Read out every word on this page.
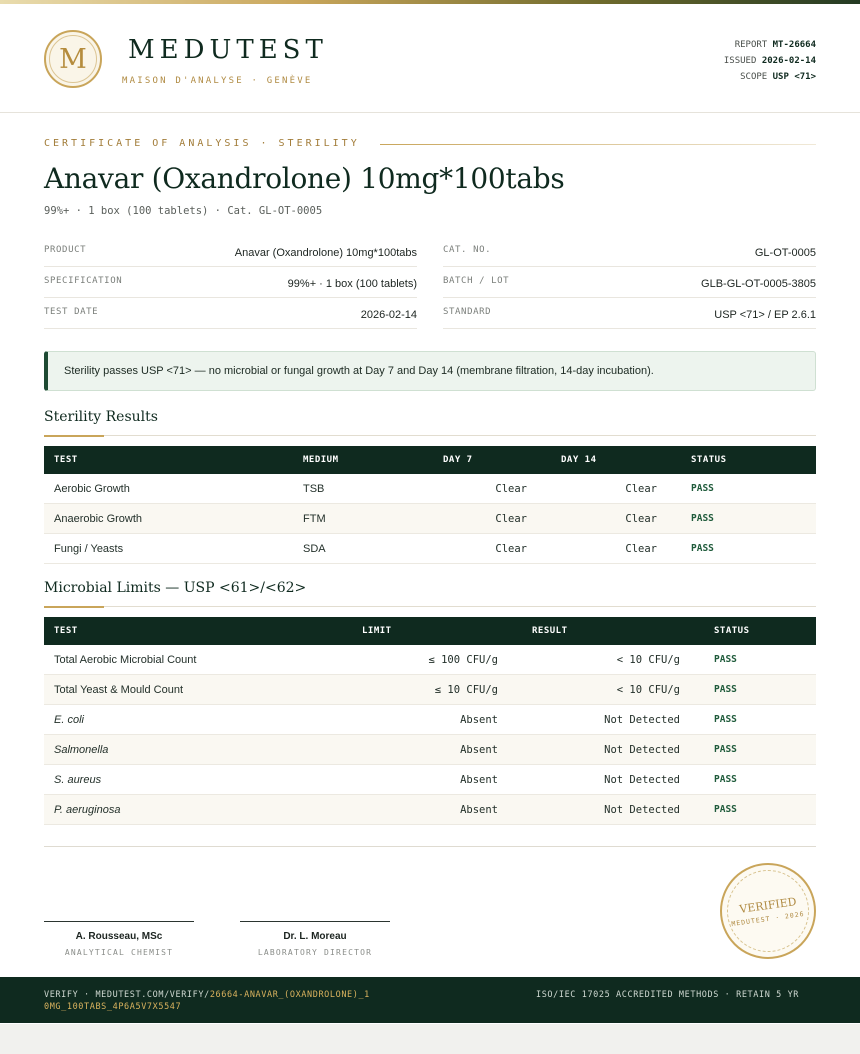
M	MEDUTEST
MAISON D'ANALYSE · GENÈVE
REPORT MT-26664
ISSUED 2026-02-14
SCOPE USP <71>
CERTIFICATE OF ANALYSIS · STERILITY
Anavar (Oxandrolone) 10mg*100tabs
99%+ · 1 box (100 tablets) · Cat. GL-OT-0005
PRODUCT	Anavar (Oxandrolone) 10mg*100tabs
SPECIFICATION	99%+ · 1 box (100 tablets)
TEST DATE	2026-02-14
CAT. NO.	GL-OT-0005
BATCH / LOT	GLB-GL-OT-0005-3805
STANDARD	USP <71> / EP 2.6.1
Sterility passes USP <71> — no microbial or fungal growth at Day 7 and Day 14 (membrane filtration, 14-day incubation).
Sterility Results
TEST	MEDIUM	DAY 7	DAY 14	STATUS
Aerobic Growth	TSB	Clear	Clear	PASS
Anaerobic Growth	FTM	Clear	Clear	PASS
Fungi / Yeasts	SDA	Clear	Clear	PASS
Microbial Limits — USP <61>/<62>
TEST	LIMIT	RESULT	STATUS
Total Aerobic Microbial Count	≤ 100 CFU/g	< 10 CFU/g	PASS
Total Yeast & Mould Count	≤ 10 CFU/g	< 10 CFU/g	PASS
E. coli	Absent	Not Detected	PASS
Salmonella	Absent	Not Detected	PASS
S. aureus	Absent	Not Detected	PASS
P. aeruginosa	Absent	Not Detected	PASS
A. Rousseau, MSc
ANALYTICAL CHEMIST
Dr. L. Moreau
LABORATORY DIRECTOR
VERIFIED
MEDUTEST · 2026
VERIFY · MEDUTEST.COM/VERIFY/26664-ANAVAR_(OXANDROLONE)_10MG_100TABS_4P6A5V7X5547
ISO/IEC 17025 ACCREDITED METHODS · RETAIN 5 YR
